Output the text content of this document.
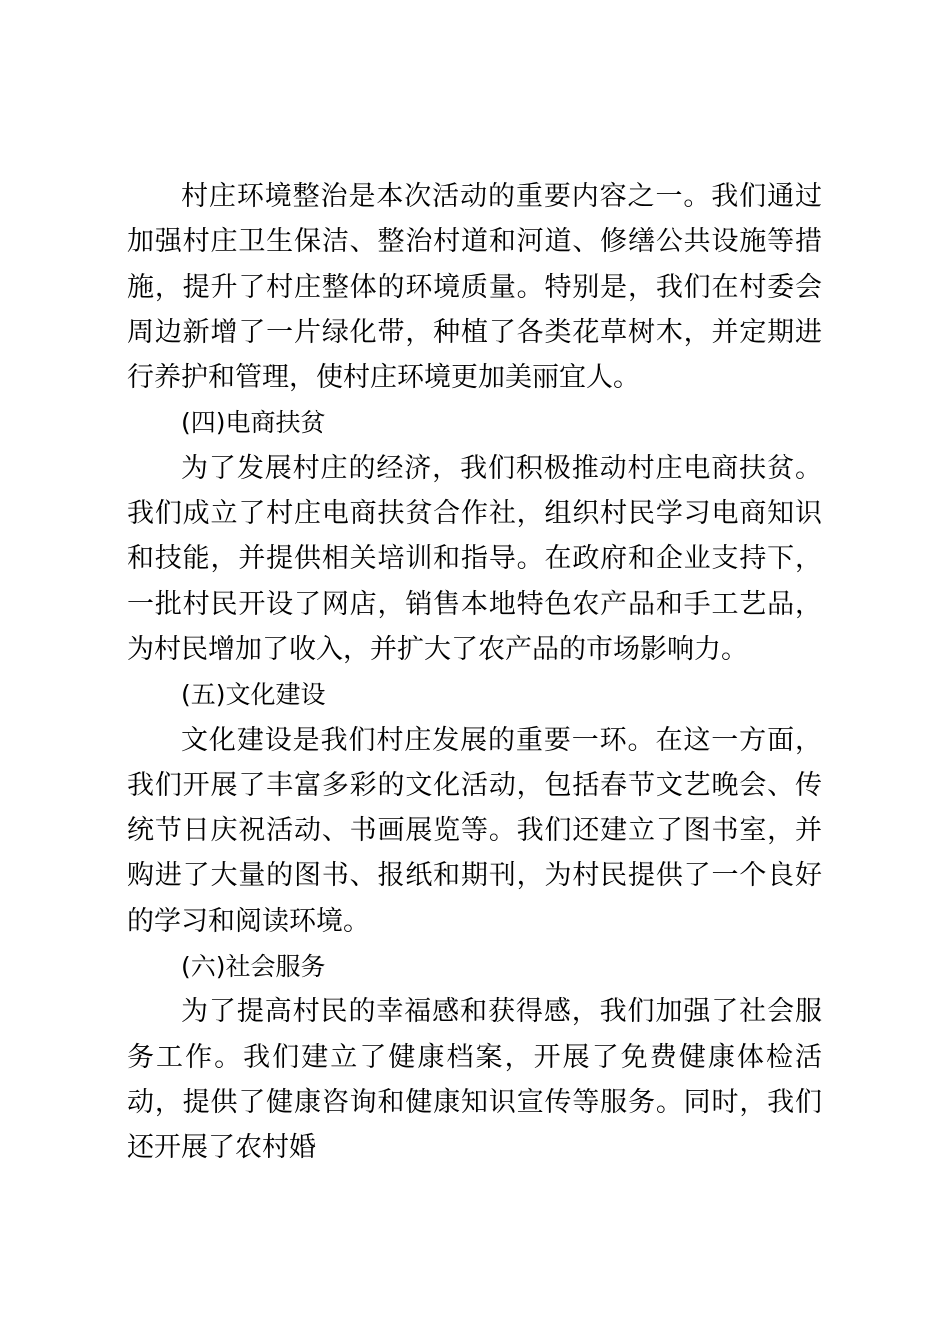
村庄环境整治是本次活动的重要内容之一。我们通过加强村庄卫生保洁、整治村道和河道、修缮公共设施等措施，提升了村庄整体的环境质量。特别是，我们在村委会周边新增了一片绿化带，种植了各类花草树木，并定期进行养护和管理，使村庄环境更加美丽宜人。

(四)电商扶贫

为了发展村庄的经济，我们积极推动村庄电商扶贫。我们成立了村庄电商扶贫合作社，组织村民学习电商知识和技能，并提供相关培训和指导。在政府和企业支持下，一批村民开设了网店，销售本地特色农产品和手工艺品，为村民增加了收入，并扩大了农产品的市场影响力。

(五)文化建设

文化建设是我们村庄发展的重要一环。在这一方面，我们开展了丰富多彩的文化活动，包括春节文艺晚会、传统节日庆祝活动、书画展览等。我们还建立了图书室，并购进了大量的图书、报纸和期刊，为村民提供了一个良好的学习和阅读环境。

(六)社会服务

为了提高村民的幸福感和获得感，我们加强了社会服务工作。我们建立了健康档案，开展了免费健康体检活动，提供了健康咨询和健康知识宣传等服务。同时，我们还开展了农村婚
